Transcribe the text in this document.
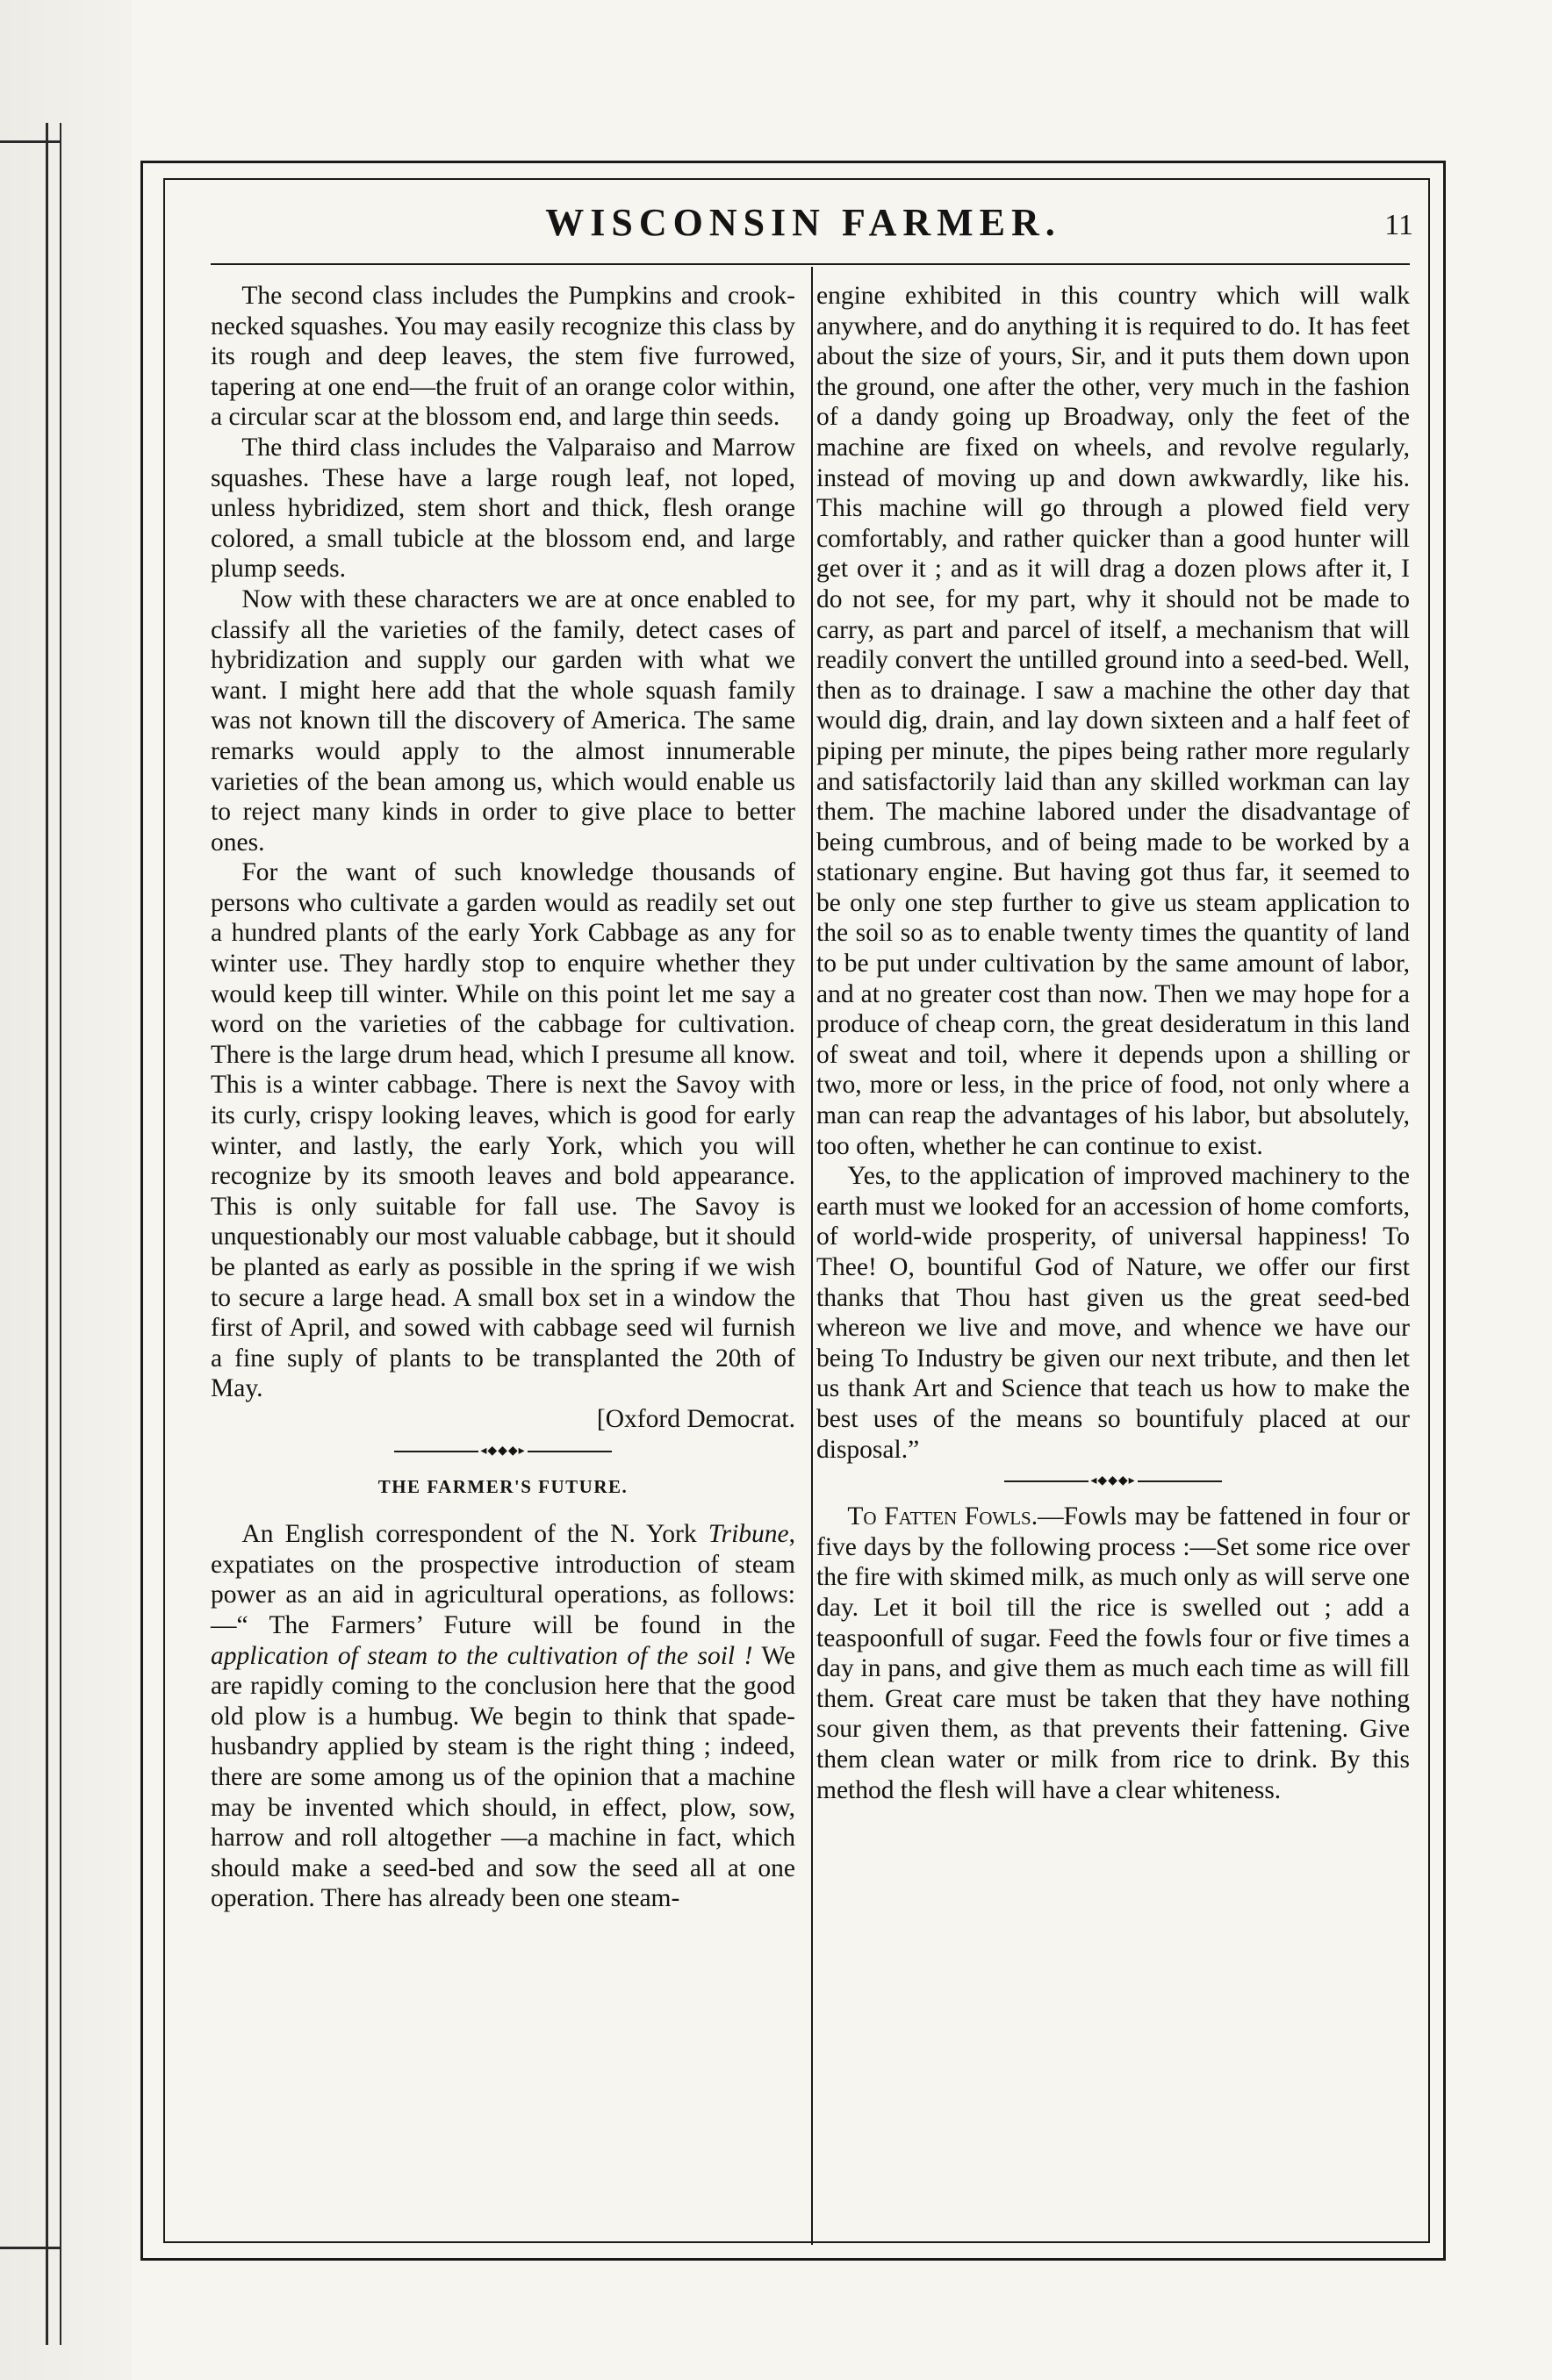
WISCONSIN FARMER.	11

The second class includes the Pumpkins and crook-necked squashes. You may easily recognize this class by its rough and deep leaves, the stem five furrowed, tapering at one end—the fruit of an orange color within, a circular scar at the blossom end, and large thin seeds.

The third class includes the Valparaiso and Marrow squashes. These have a large rough leaf, not loped, unless hybridized, stem short and thick, flesh orange colored, a small tubicle at the blossom end, and large plump seeds.

Now with these characters we are at once enabled to classify all the varieties of the family, detect cases of hybridization and supply our garden with what we want. I might here add that the whole squash family was not known till the discovery of America. The same remarks would apply to the almost innumerable varieties of the bean among us, which would enable us to reject many kinds in order to give place to better ones.

For the want of such knowledge thousands of persons who cultivate a garden would as readily set out a hundred plants of the early York Cabbage as any for winter use. They hardly stop to enquire whether they would keep till winter. While on this point let me say a word on the varieties of the cabbage for cultivation. There is the large drum head, which I presume all know. This is a winter cabbage. There is next the Savoy with its curly, crispy looking leaves, which is good for early winter, and lastly, the early York, which you will recognize by its smooth leaves and bold appearance. This is only suitable for fall use. The Savoy is unquestionably our most valuable cabbage, but it should be planted as early as possible in the spring if we wish to secure a large head. A small box set in a window the first of April, and sowed with cabbage seed wil furnish a fine suply of plants to be transplanted the 20th of May.

[Oxford Democrat.

◂◆◆◆▸
THE FARMER'S FUTURE.

An English correspondent of the N. York Tribune, expatiates on the prospective introduction of steam power as an aid in agricultural operations, as follows:—“ The Farmers’ Future will be found in the application of steam to the cultivation of the soil ! We are rapidly coming to the conclusion here that the good old plow is a humbug. We begin to think that spade-husbandry applied by steam is the right thing ; indeed, there are some among us of the opinion that a machine may be invented which should, in effect, plow, sow, harrow and roll altogether —a machine in fact, which should make a seed-bed and sow the seed all at one operation. There has already been one steam-

engine exhibited in this country which will walk anywhere, and do anything it is required to do. It has feet about the size of yours, Sir, and it puts them down upon the ground, one after the other, very much in the fashion of a dandy going up Broadway, only the feet of the machine are fixed on wheels, and revolve regularly, instead of moving up and down awkwardly, like his. This machine will go through a plowed field very comfortably, and rather quicker than a good hunter will get over it ; and as it will drag a dozen plows after it, I do not see, for my part, why it should not be made to carry, as part and parcel of itself, a mechanism that will readily convert the untilled ground into a seed-bed. Well, then as to drainage. I saw a machine the other day that would dig, drain, and lay down sixteen and a half feet of piping per minute, the pipes being rather more regularly and satisfactorily laid than any skilled workman can lay them. The machine labored under the disadvantage of being cumbrous, and of being made to be worked by a stationary engine. But having got thus far, it seemed to be only one step further to give us steam application to the soil so as to enable twenty times the quantity of land to be put under cultivation by the same amount of labor, and at no greater cost than now. Then we may hope for a produce of cheap corn, the great desideratum in this land of sweat and toil, where it depends upon a shilling or two, more or less, in the price of food, not only where a man can reap the advantages of his labor, but absolutely, too often, whether he can continue to exist.

Yes, to the application of improved machinery to the earth must we looked for an accession of home comforts, of world-wide prosperity, of universal happiness! To Thee! O, bountiful God of Nature, we offer our first thanks that Thou hast given us the great seed-bed whereon we live and move, and whence we have our being To Industry be given our next tribute, and then let us thank Art and Science that teach us how to make the best uses of the means so bountifuly placed at our disposal.”

◂◆◆◆▸

To Fatten Fowls.—Fowls may be fattened in four or five days by the following process :—Set some rice over the fire with skimed milk, as much only as will serve one day. Let it boil till the rice is swelled out ; add a teaspoonfull of sugar. Feed the fowls four or five times a day in pans, and give them as much each time as will fill them. Great care must be taken that they have nothing sour given them, as that prevents their fattening. Give them clean water or milk from rice to drink. By this method the flesh will have a clear whiteness.
